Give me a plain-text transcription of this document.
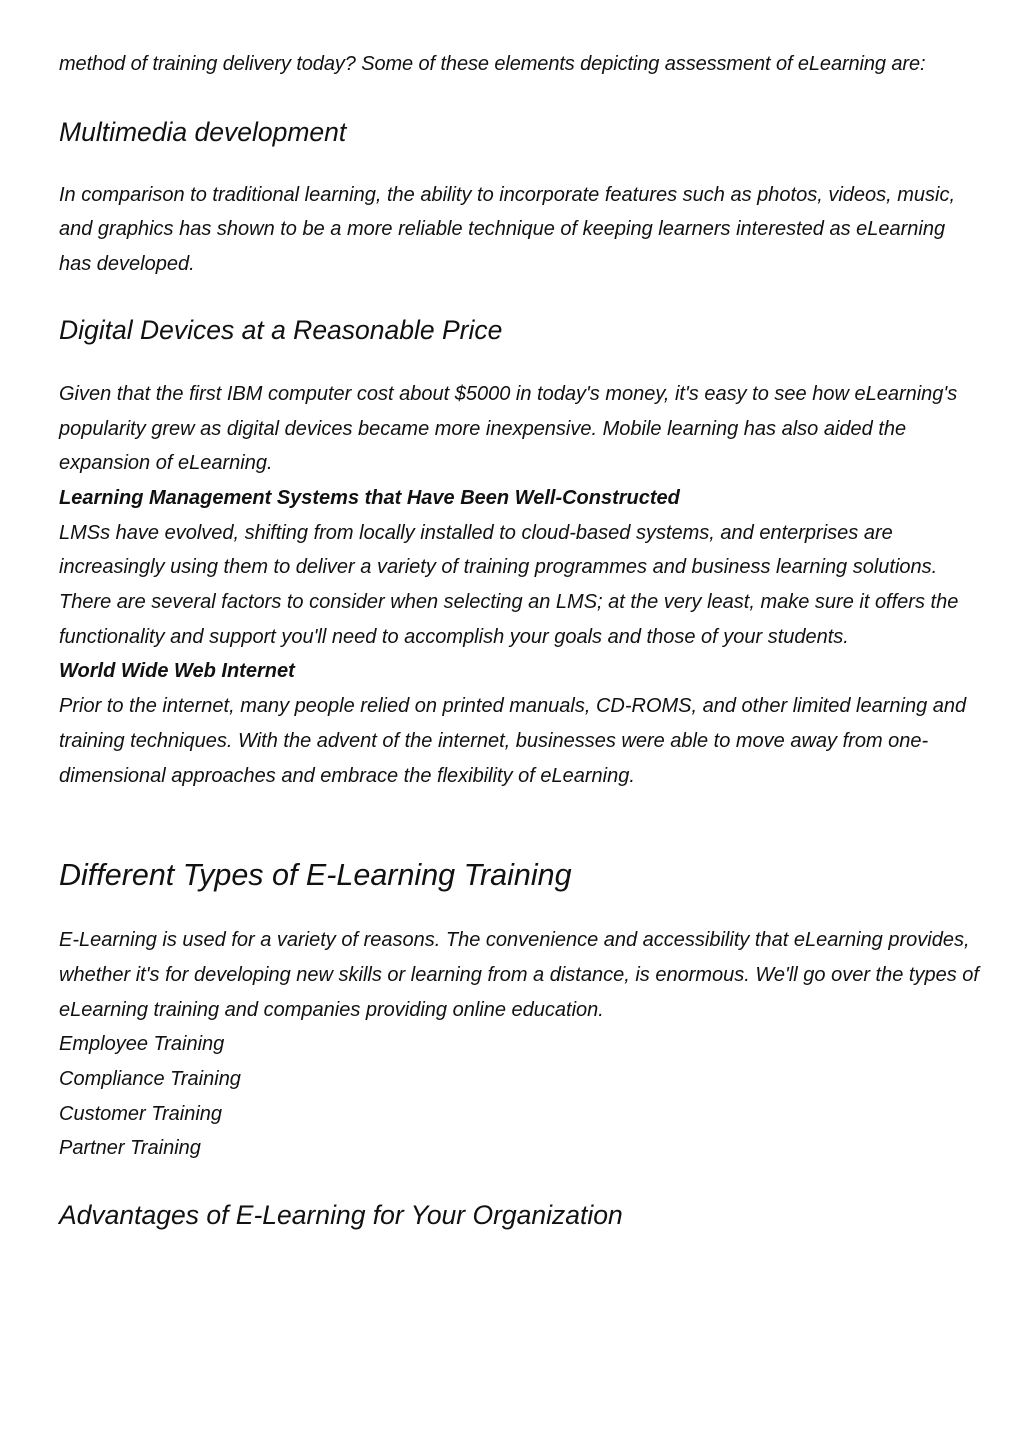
method of training delivery today? Some of these elements depicting assessment of eLearning are:

Multimedia development

In comparison to traditional learning, the ability to incorporate features such as photos, videos, music, and graphics has shown to be a more reliable technique of keeping learners interested as eLearning has developed.

Digital Devices at a Reasonable Price

Given that the first IBM computer cost about $5000 in today's money, it's easy to see how eLearning's popularity grew as digital devices became more inexpensive. Mobile learning has also aided the expansion of eLearning.

Learning Management Systems that Have Been Well-Constructed

LMSs have evolved, shifting from locally installed to cloud-based systems, and enterprises are increasingly using them to deliver a variety of training programmes and business learning solutions. There are several factors to consider when selecting an LMS; at the very least, make sure it offers the functionality and support you'll need to accomplish your goals and those of your students.

World Wide Web Internet

Prior to the internet, many people relied on printed manuals, CD-ROMS, and other limited learning and training techniques. With the advent of the internet, businesses were able to move away from one-dimensional approaches and embrace the flexibility of eLearning.

Different Types of E-Learning Training

E-Learning is used for a variety of reasons. The convenience and accessibility that eLearning provides, whether it's for developing new skills or learning from a distance, is enormous. We'll go over the types of eLearning training and companies providing online education.

Employee Training

Compliance Training

Customer Training

Partner Training

Advantages of E-Learning for Your Organization
